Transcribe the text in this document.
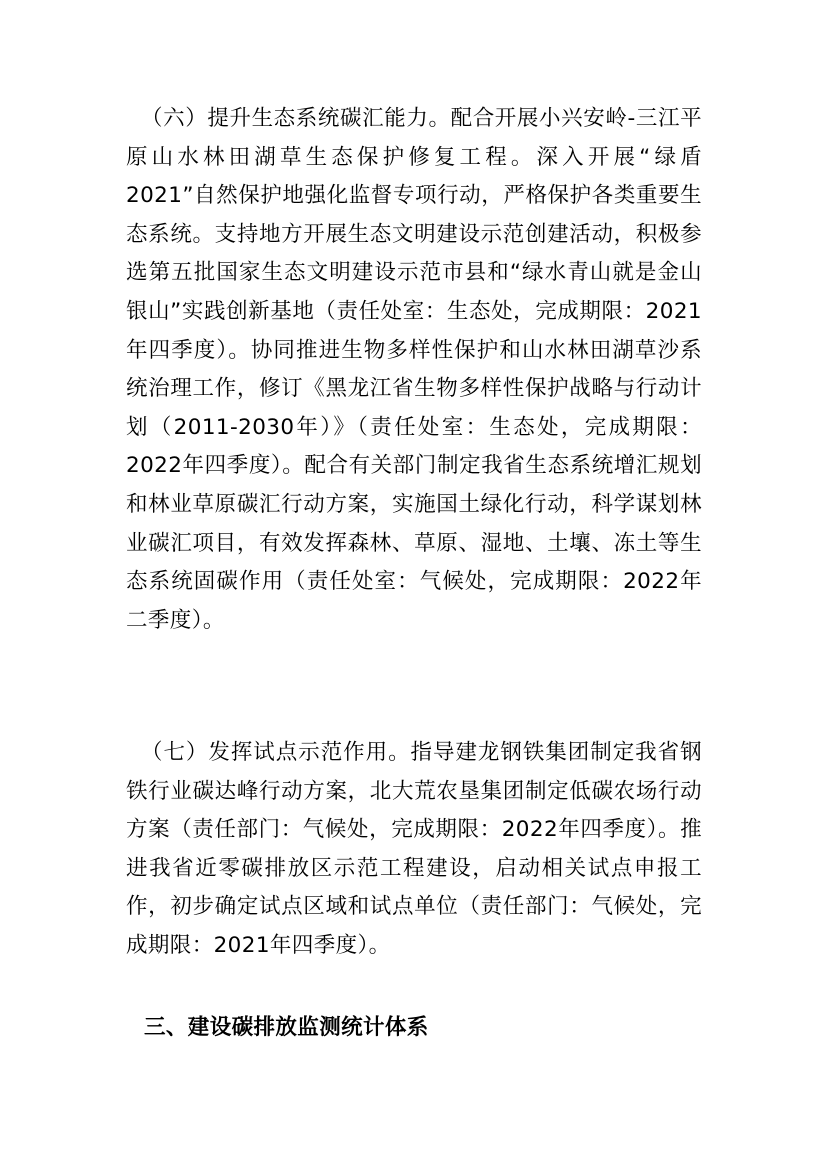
（六）提升生态系统碳汇能力。配合开展小兴安岭-三江平原山水林田湖草生态保护修复工程。深入开展“绿盾2021”自然保护地强化监督专项行动，严格保护各类重要生态系统。支持地方开展生态文明建设示范创建活动，积极参选第五批国家生态文明建设示范市县和“绿水青山就是金山银山”实践创新基地（责任处室：生态处，完成期限：2021年四季度）。协同推进生物多样性保护和山水林田湖草沙系统治理工作，修订《黑龙江省生物多样性保护战略与行动计划（2011-2030年）》（责任处室：生态处，完成期限：2022年四季度）。配合有关部门制定我省生态系统增汇规划和林业草原碳汇行动方案，实施国土绿化行动，科学谋划林业碳汇项目，有效发挥森林、草原、湿地、土壤、冻土等生态系统固碳作用（责任处室：气候处，完成期限：2022年二季度）。

（七）发挥试点示范作用。指导建龙钢铁集团制定我省钢铁行业碳达峰行动方案，北大荒农垦集团制定低碳农场行动方案（责任部门：气候处，完成期限：2022年四季度）。推进我省近零碳排放区示范工程建设，启动相关试点申报工作，初步确定试点区域和试点单位（责任部门：气候处，完成期限：2021年四季度）。

三、建设碳排放监测统计体系
